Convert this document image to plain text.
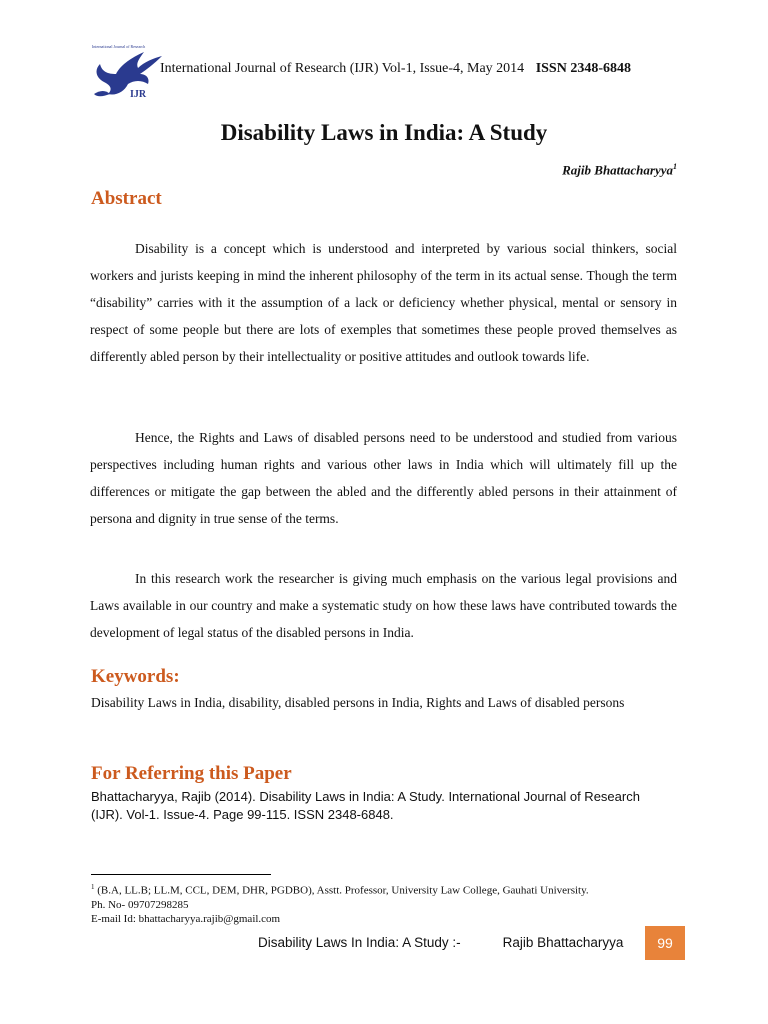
International Journal of Research
IJR
International Journal of Research (IJR) Vol-1, Issue-4, May 2014 ISSN 2348-6848
Disability Laws in India: A Study
Rajib Bhattacharyya$^1$
Abstract

Disability is a concept which is understood and interpreted by various social thinkers, social workers and jurists keeping in mind the inherent philosophy of the term in its actual sense. Though the term “disability” carries with it the assumption of a lack or deficiency whether physical, mental or sensory in respect of some people but there are lots of exemples that sometimes these people proved themselves as differently abled person by their intellectuality or positive attitudes and outlook towards life.

Hence, the Rights and Laws of disabled persons need to be understood and studied from various perspectives including human rights and various other laws in India which will ultimately fill up the differences or mitigate the gap between the abled and the differently abled persons in their attainment of persona and dignity in true sense of the terms.

In this research work the researcher is giving much emphasis on the various legal provisions and Laws available in our country and make a systematic study on how these laws have contributed towards the development of legal status of the disabled persons in India.

Keywords:
Disability Laws in India, disability, disabled persons in India, Rights and Laws of disabled persons
For Referring this Paper
Bhattacharyya, Rajib (2014). Disability Laws in India: A Study. International Journal of Research (IJR). Vol-1. Issue-4. Page 99-115. ISSN 2348-6848.
$^1$ (B.A, LL.B; LL.M, CCL, DEM, DHR, PGDBO), Asstt. Professor, University Law College, Gauhati University.
Ph. No- 09707298285
E-mail Id: bhattacharyya.rajib@gmail.com
Disability Laws In India: A Study :-	Rajib Bhattacharyya	99
